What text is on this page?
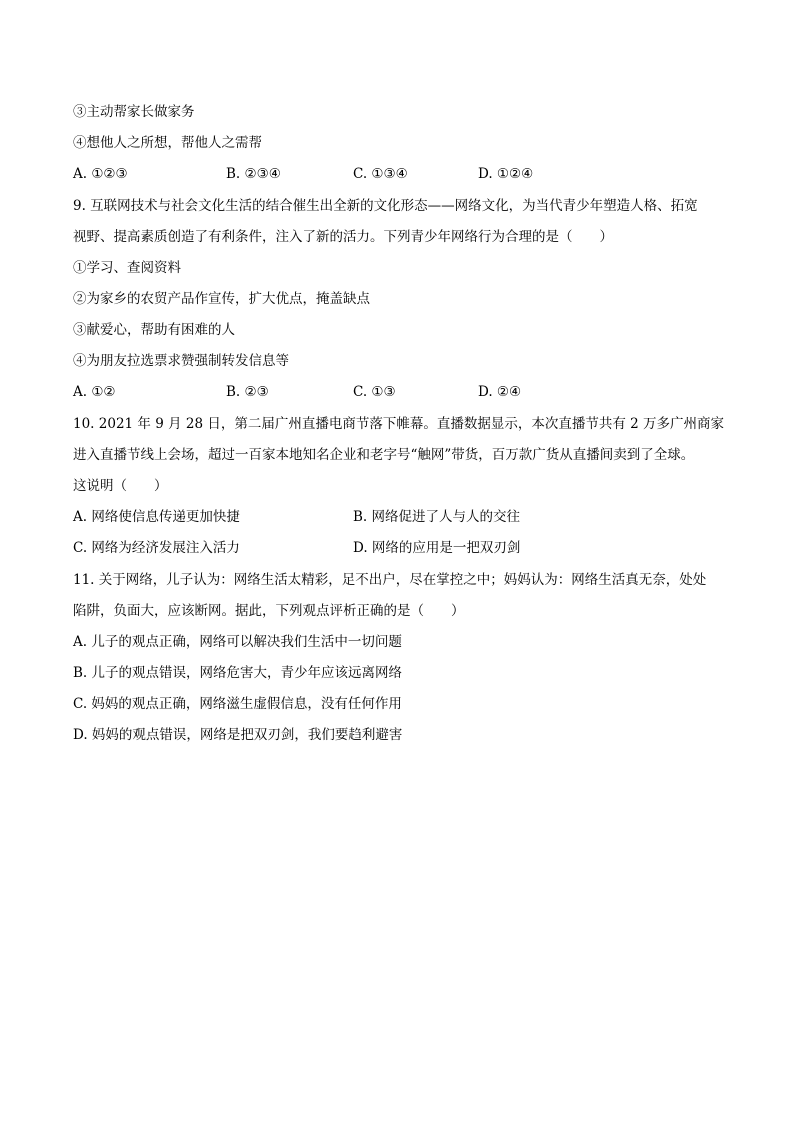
③主动帮家长做家务
④想他人之所想，帮他人之需帮
A. ①②③	B. ②③④	C. ①③④	D. ①②④
9. 互联网技术与社会文化生活的结合催生出全新的文化形态——网络文化，为当代青少年塑造人格、拓宽
视野、提高素质创造了有利条件，注入了新的活力。下列青少年网络行为合理的是（　　）
①学习、查阅资料
②为家乡的农贸产品作宣传，扩大优点，掩盖缺点
③献爱心，帮助有困难的人
④为朋友拉选票求赞强制转发信息等
A. ①②	B. ②③	C. ①③	D. ②④
10. 2021 年 9 月 28 日，第二届广州直播电商节落下帷幕。直播数据显示，本次直播节共有 2 万多广州商家
进入直播节线上会场，超过一百家本地知名企业和老字号“触网”带货，百万款广货从直播间卖到了全球。
这说明（　　）
A. 网络使信息传递更加快捷	B. 网络促进了人与人的交往
C. 网络为经济发展注入活力	D. 网络的应用是一把双刃剑
11. 关于网络，儿子认为：网络生活太精彩，足不出户，尽在掌控之中；妈妈认为：网络生活真无奈，处处
陷阱，负面大，应该断网。据此，下列观点评析正确的是（　　）
A. 儿子的观点正确，网络可以解决我们生活中一切问题
B. 儿子的观点错误，网络危害大，青少年应该远离网络
C. 妈妈的观点正确，网络滋生虚假信息，没有任何作用
D. 妈妈的观点错误，网络是把双刃剑，我们要趋利避害
